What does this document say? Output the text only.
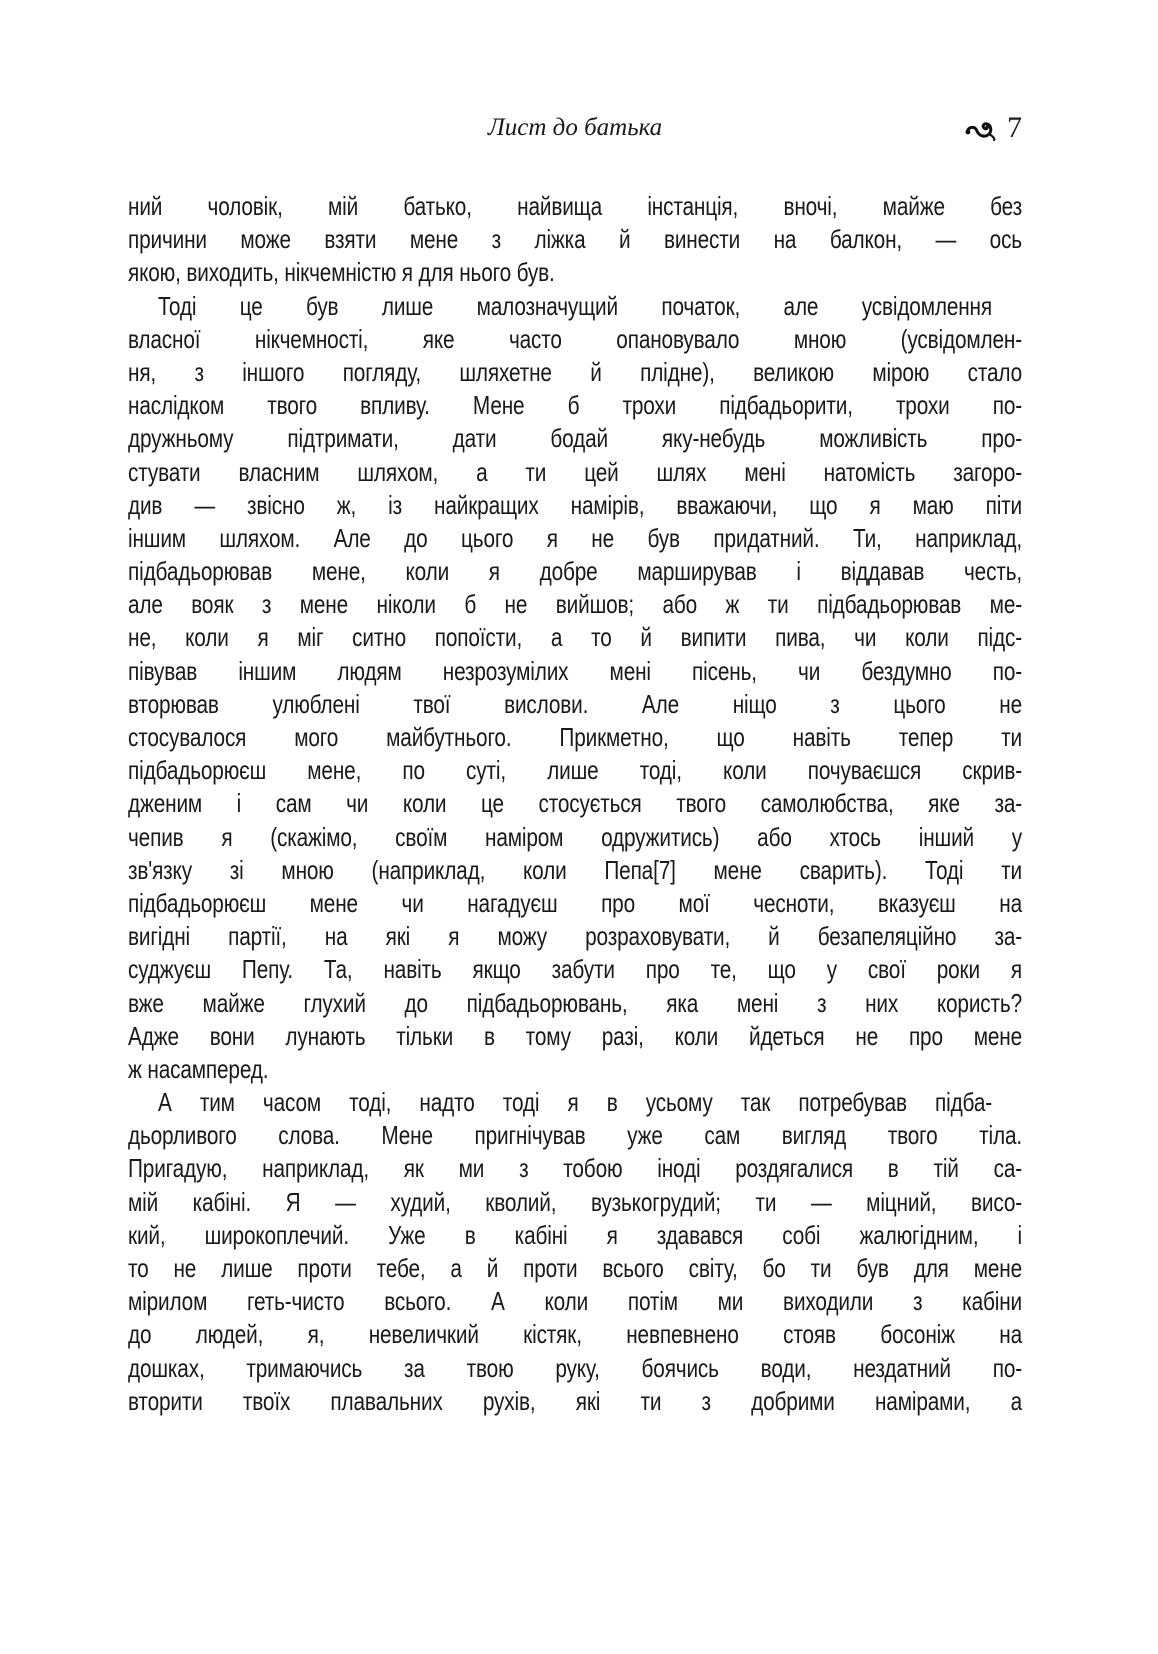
Лист до батька	7
ний чоловік, мій батько, найвища інстанція, вночі, майже без
причини може взяти мене з ліжка й винести на балкон, — ось
якою, виходить, нікчемністю я для нього був.
Тоді це був лише малозначущий початок, але усвідомлення
власної нікчемності, яке часто опановувало мною (усвідомлен-
ня, з іншого погляду, шляхетне й плідне), великою мірою стало
наслідком твого впливу. Мене б трохи підбадьорити, трохи по-
дружньому підтримати, дати бодай яку-небудь можливість про-
стувати власним шляхом, а ти цей шлях мені натомість загоро-
див — звісно ж, із найкращих намірів, вважаючи, що я маю піти
іншим шляхом. Але до цього я не був придатний. Ти, наприклад,
підбадьорював мене, коли я добре марширував і віддавав честь,
але вояк з мене ніколи б не вийшов; або ж ти підбадьорював ме-
не, коли я міг ситно попоїсти, а то й випити пива, чи коли підс-
півував іншим людям незрозумілих мені пісень, чи бездумно по-
вторював улюблені твої вислови. Але ніщо з цього не
стосувалося мого майбутнього. Прикметно, що навіть тепер ти
підбадьорюєш мене, по суті, лише тоді, коли почуваєшся скрив-
дженим і сам чи коли це стосується твого самолюбства, яке за-
чепив я (скажімо, своїм наміром одружитись) або хтось інший у
зв'язку зі мною (наприклад, коли Пепа[7] мене сварить). Тоді ти
підбадьорюєш мене чи нагадуєш про мої чесноти, вказуєш на
вигідні партії, на які я можу розраховувати, й безапеляційно за-
суджуєш Пепу. Та, навіть якщо забути про те, що у свої роки я
вже майже глухий до підбадьорювань, яка мені з них користь?
Адже вони лунають тільки в тому разі, коли йдеться не про мене
ж насамперед.
А тим часом тоді, надто тоді я в усьому так потребував підба-
дьорливого слова. Мене пригнічував уже сам вигляд твого тіла.
Пригадую, наприклад, як ми з тобою іноді роздягалися в тій са-
мій кабіні. Я — худий, кволий, вузькогрудий; ти — міцний, висо-
кий, широкоплечий. Уже в кабіні я здавався собі жалюгідним, і
то не лише проти тебе, а й проти всього світу, бо ти був для мене
мірилом геть-чисто всього. А коли потім ми виходили з кабіни
до людей, я, невеличкий кістяк, невпевнено стояв босоніж на
дошках, тримаючись за твою руку, боячись води, нездатний по-
вторити твоїх плавальних рухів, які ти з добрими намірами, а
